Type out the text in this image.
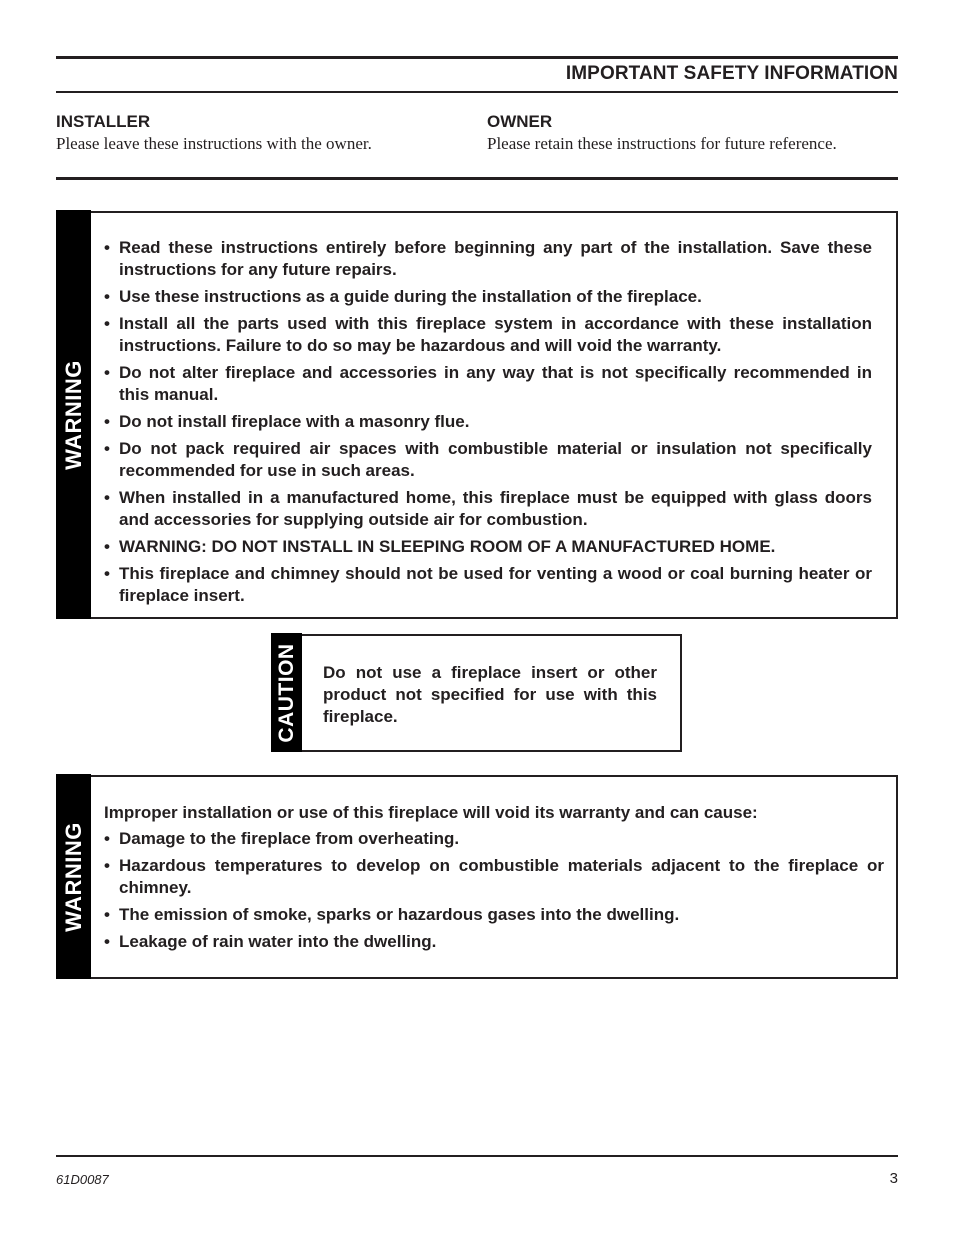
IMPORTANT SAFETY INFORMATION
INSTALLER
Please leave these instructions with the owner.
OWNER
Please retain these instructions for future reference.
WARNING
• Read these instructions entirely before beginning any part of the installation. Save these instructions for any future repairs.
• Use these instructions as a guide during the installation of the fireplace.
• Install all the parts used with this fireplace system in accordance with these installation instructions. Failure to do so may be hazardous and will void the warranty.
• Do not alter fireplace and accessories in any way that is not specifically recommended in this manual.
• Do not install fireplace with a masonry flue.
• Do not pack required air spaces with combustible material or insulation not specifically recommended for use in such areas.
• When installed in a manufactured home, this fireplace must be equipped with glass doors and accessories for supplying outside air for combustion.
• WARNING: DO NOT INSTALL IN SLEEPING ROOM OF A MANUFACTURED HOME.
• This fireplace and chimney should not be used for venting a wood or coal burning heater or fireplace insert.
CAUTION Do not use a fireplace insert or other product not specified for use with this fireplace.
WARNING
Improper installation or use of this fireplace will void its warranty and can cause:
• Damage to the fireplace from overheating.
• Hazardous temperatures to develop on combustible materials adjacent to the fireplace or chimney.
• The emission of smoke, sparks or hazardous gases into the dwelling.
• Leakage of rain water into the dwelling.
61D0087	3
